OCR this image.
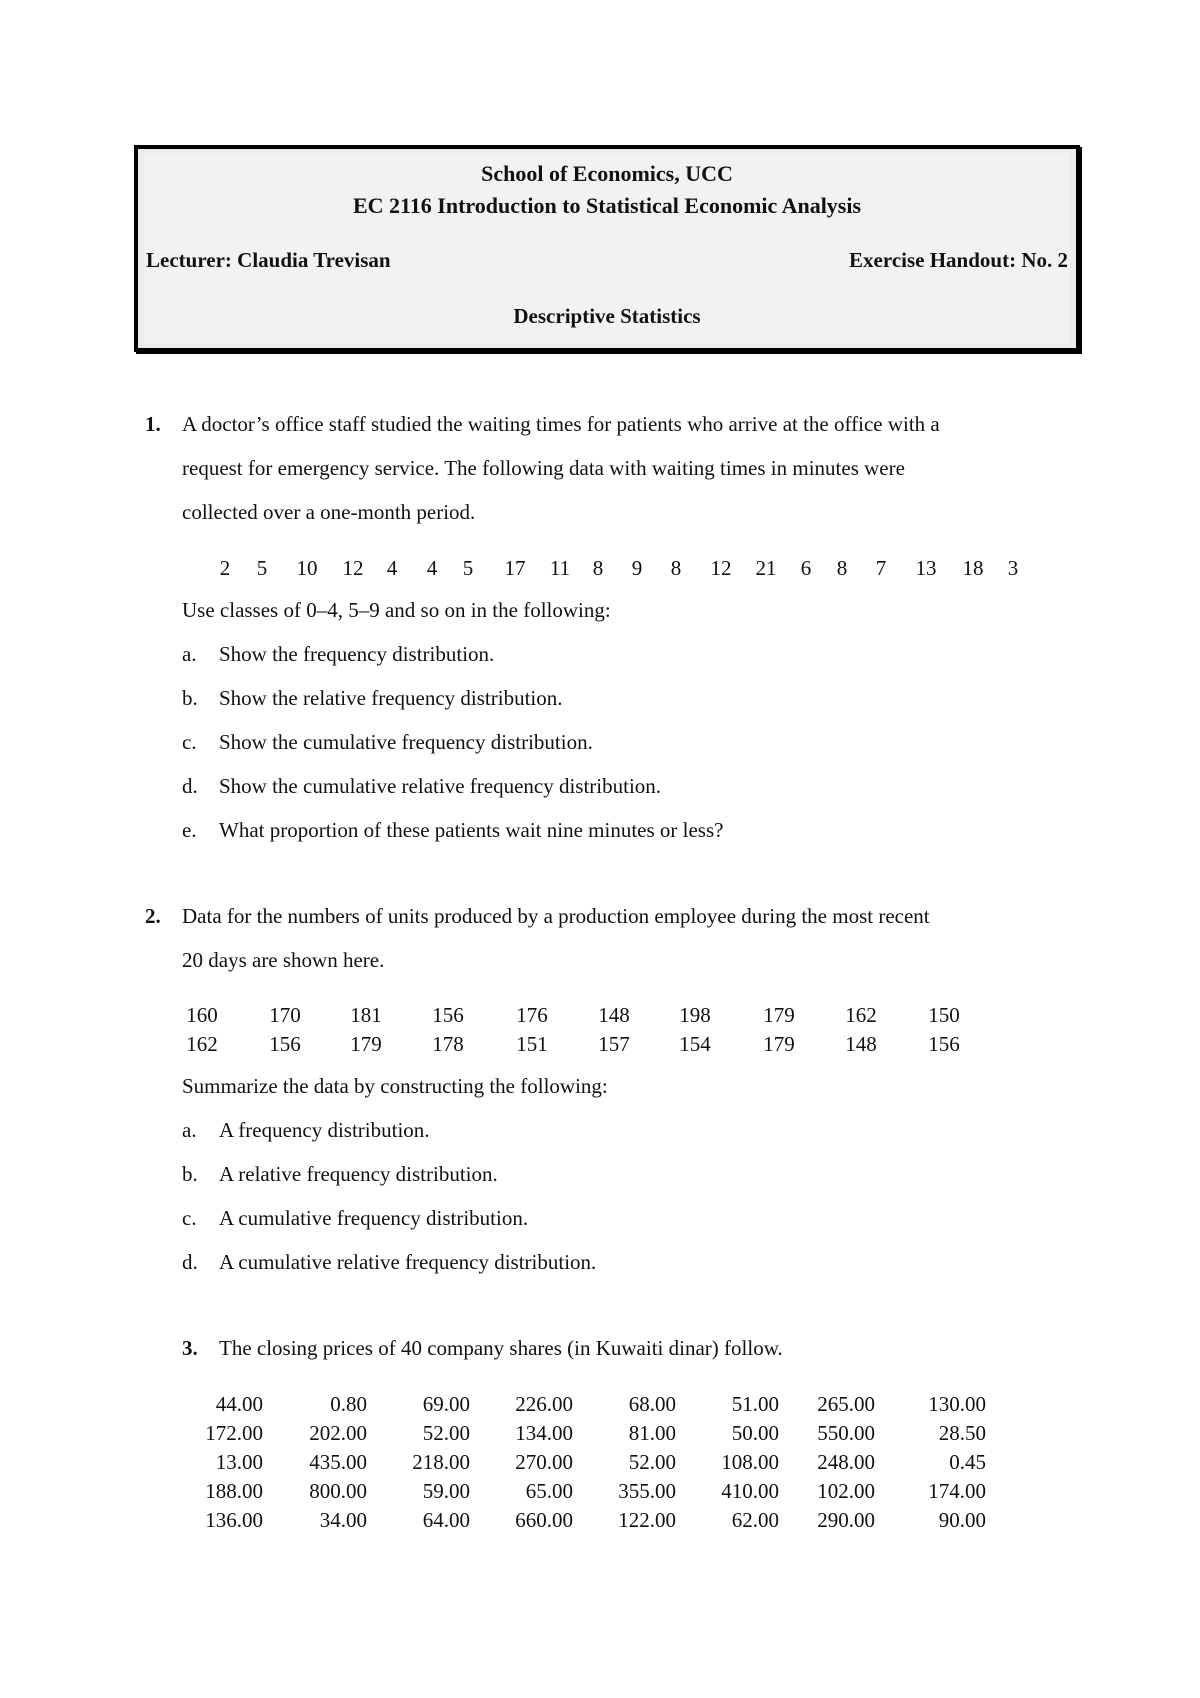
School of Economics, UCC
EC 2116 Introduction to Statistical Economic Analysis
Lecturer: Claudia Trevisan	Exercise Handout: No. 2
Descriptive Statistics
1. A doctor’s office staff studied the waiting times for patients who arrive at the office with a
request for emergency service. The following data with waiting times in minutes were
collected over a one-month period.
2 5 10 12 4 4 5 17 11 8 9 8 12 21 6 8 7 13 18 3
Use classes of 0–4, 5–9 and so on in the following:
a. Show the frequency distribution.
b. Show the relative frequency distribution.
c. Show the cumulative frequency distribution.
d. Show the cumulative relative frequency distribution.
e. What proportion of these patients wait nine minutes or less?
2. Data for the numbers of units produced by a production employee during the most recent
20 days are shown here.
160 170 181 156	176 148 198	179 162 150
162 156 179 178	151 157 154	179 148 156
Summarize the data by constructing the following:
a. A frequency distribution.
b. A relative frequency distribution.
c. A cumulative frequency distribution.
d. A cumulative relative frequency distribution.
3. The closing prices of 40 company shares (in Kuwaiti dinar) follow.
44.00	0.80	69.00 226.00	68.00	51.00 265.00	130.00
172.00 202.00	52.00 134.00	81.00	50.00 550.00	28.50
13.00 435.00 218.00 270.00	52.00 108.00 248.00	0.45
188.00 800.00	59.00	65.00 355.00 410.00 102.00	174.00
136.00	34.00	64.00 660.00 122.00	62.00 290.00	90.00
